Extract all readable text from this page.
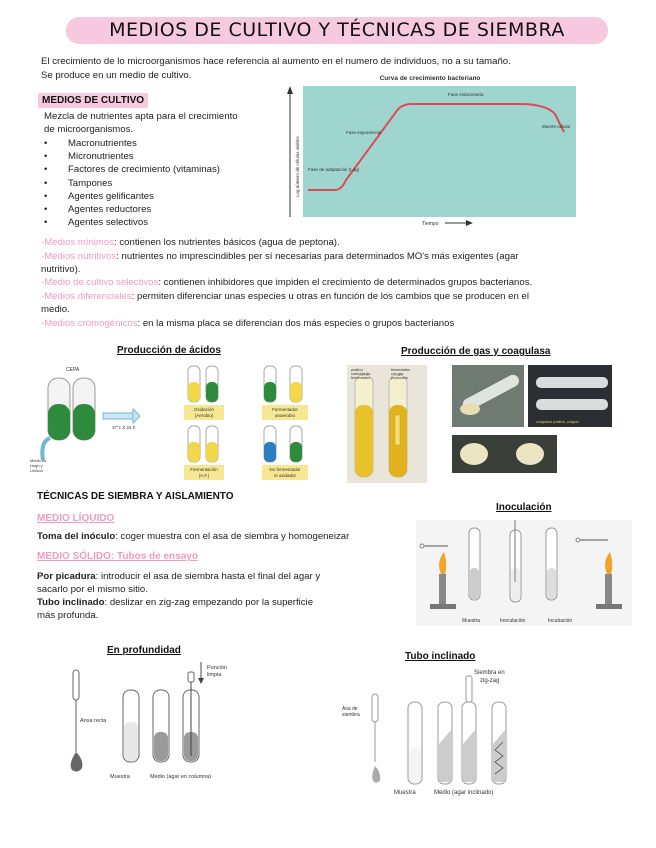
MEDIOS DE CULTIVO Y TÉCNICAS DE SIEMBRA
El crecimiento de lo microorganismos hace referencia al aumento en el numero de individuos, no a su tamaño.
Se produce en un medio de cultivo.
MEDIOS DE CULTIVO
Mezcla de nutrientes apta para el crecimiento
de microorganismos.
• Macronutrientes
• Micronutrientes
• Factores de crecimiento (vitaminas)
• Tampones
• Agentes gelificantes
• Agentes reductores
• Agentes selectivos
Curva de crecimiento bacteriano
Log número de células viables Fase de adaptación (Lag)
Fase exponencial
Fase estacionaria
Muerte celular
Tiempo
-Medios mínimos: contienen los nutrientes básicos (agua de peptona).
-Medios nutritivos: nutrientes no imprescindibles per sí necesarias para determinados MO's más exigentes (agar
nutritivo).
-Medio de cultivo selectivos: contienen inhibidores que impiden el crecimiento de determinados grupos bacterianos.
-Medios diferenciales: permiten diferenciar unas especies u otras en función de los cambios que se producen en el
medio.
-Medios cromogénicos: en la misma placa se diferencian dos más especies o grupos bacterianos
Producción de ácidos
CEPA
Medio de
Hugh y
Leifson
37°c X 24 h
Oxidación
(Aerobio)
Fermentador
anaerobio
Fermentación
(A.F.)
No fermentador
ni oxidador
Producción de gas y coagulasa
positivo
carbohidrato
fermentativo
fermentativo
con gas
producción
coagulasa positiva, coágulo
TÉCNICAS DE SIEMBRA Y AISLAMIENTO
MEDIO LÍQUIDO
Toma del inóculo: coger muestra con el asa de siembra y homogeneizar
MEDIO SÓLIDO: Tubos de ensayo
Por picadura: introducir el asa de siembra hasta el final del agar y
sacarlo por el mismo sitio.
Tubo inclinado: deslizar en zig-zag empezando por la superficie
más profunda.
Inoculación
Muestra	Inoculación	Incubación
En profundidad
Ansa recta
Punción
limpia
Muestra	Medio (agar en columna)
Tubo inclinado
Siembra en
zig-zag
Asa de
siembra
Muestra	Medio (agar inclinado)
